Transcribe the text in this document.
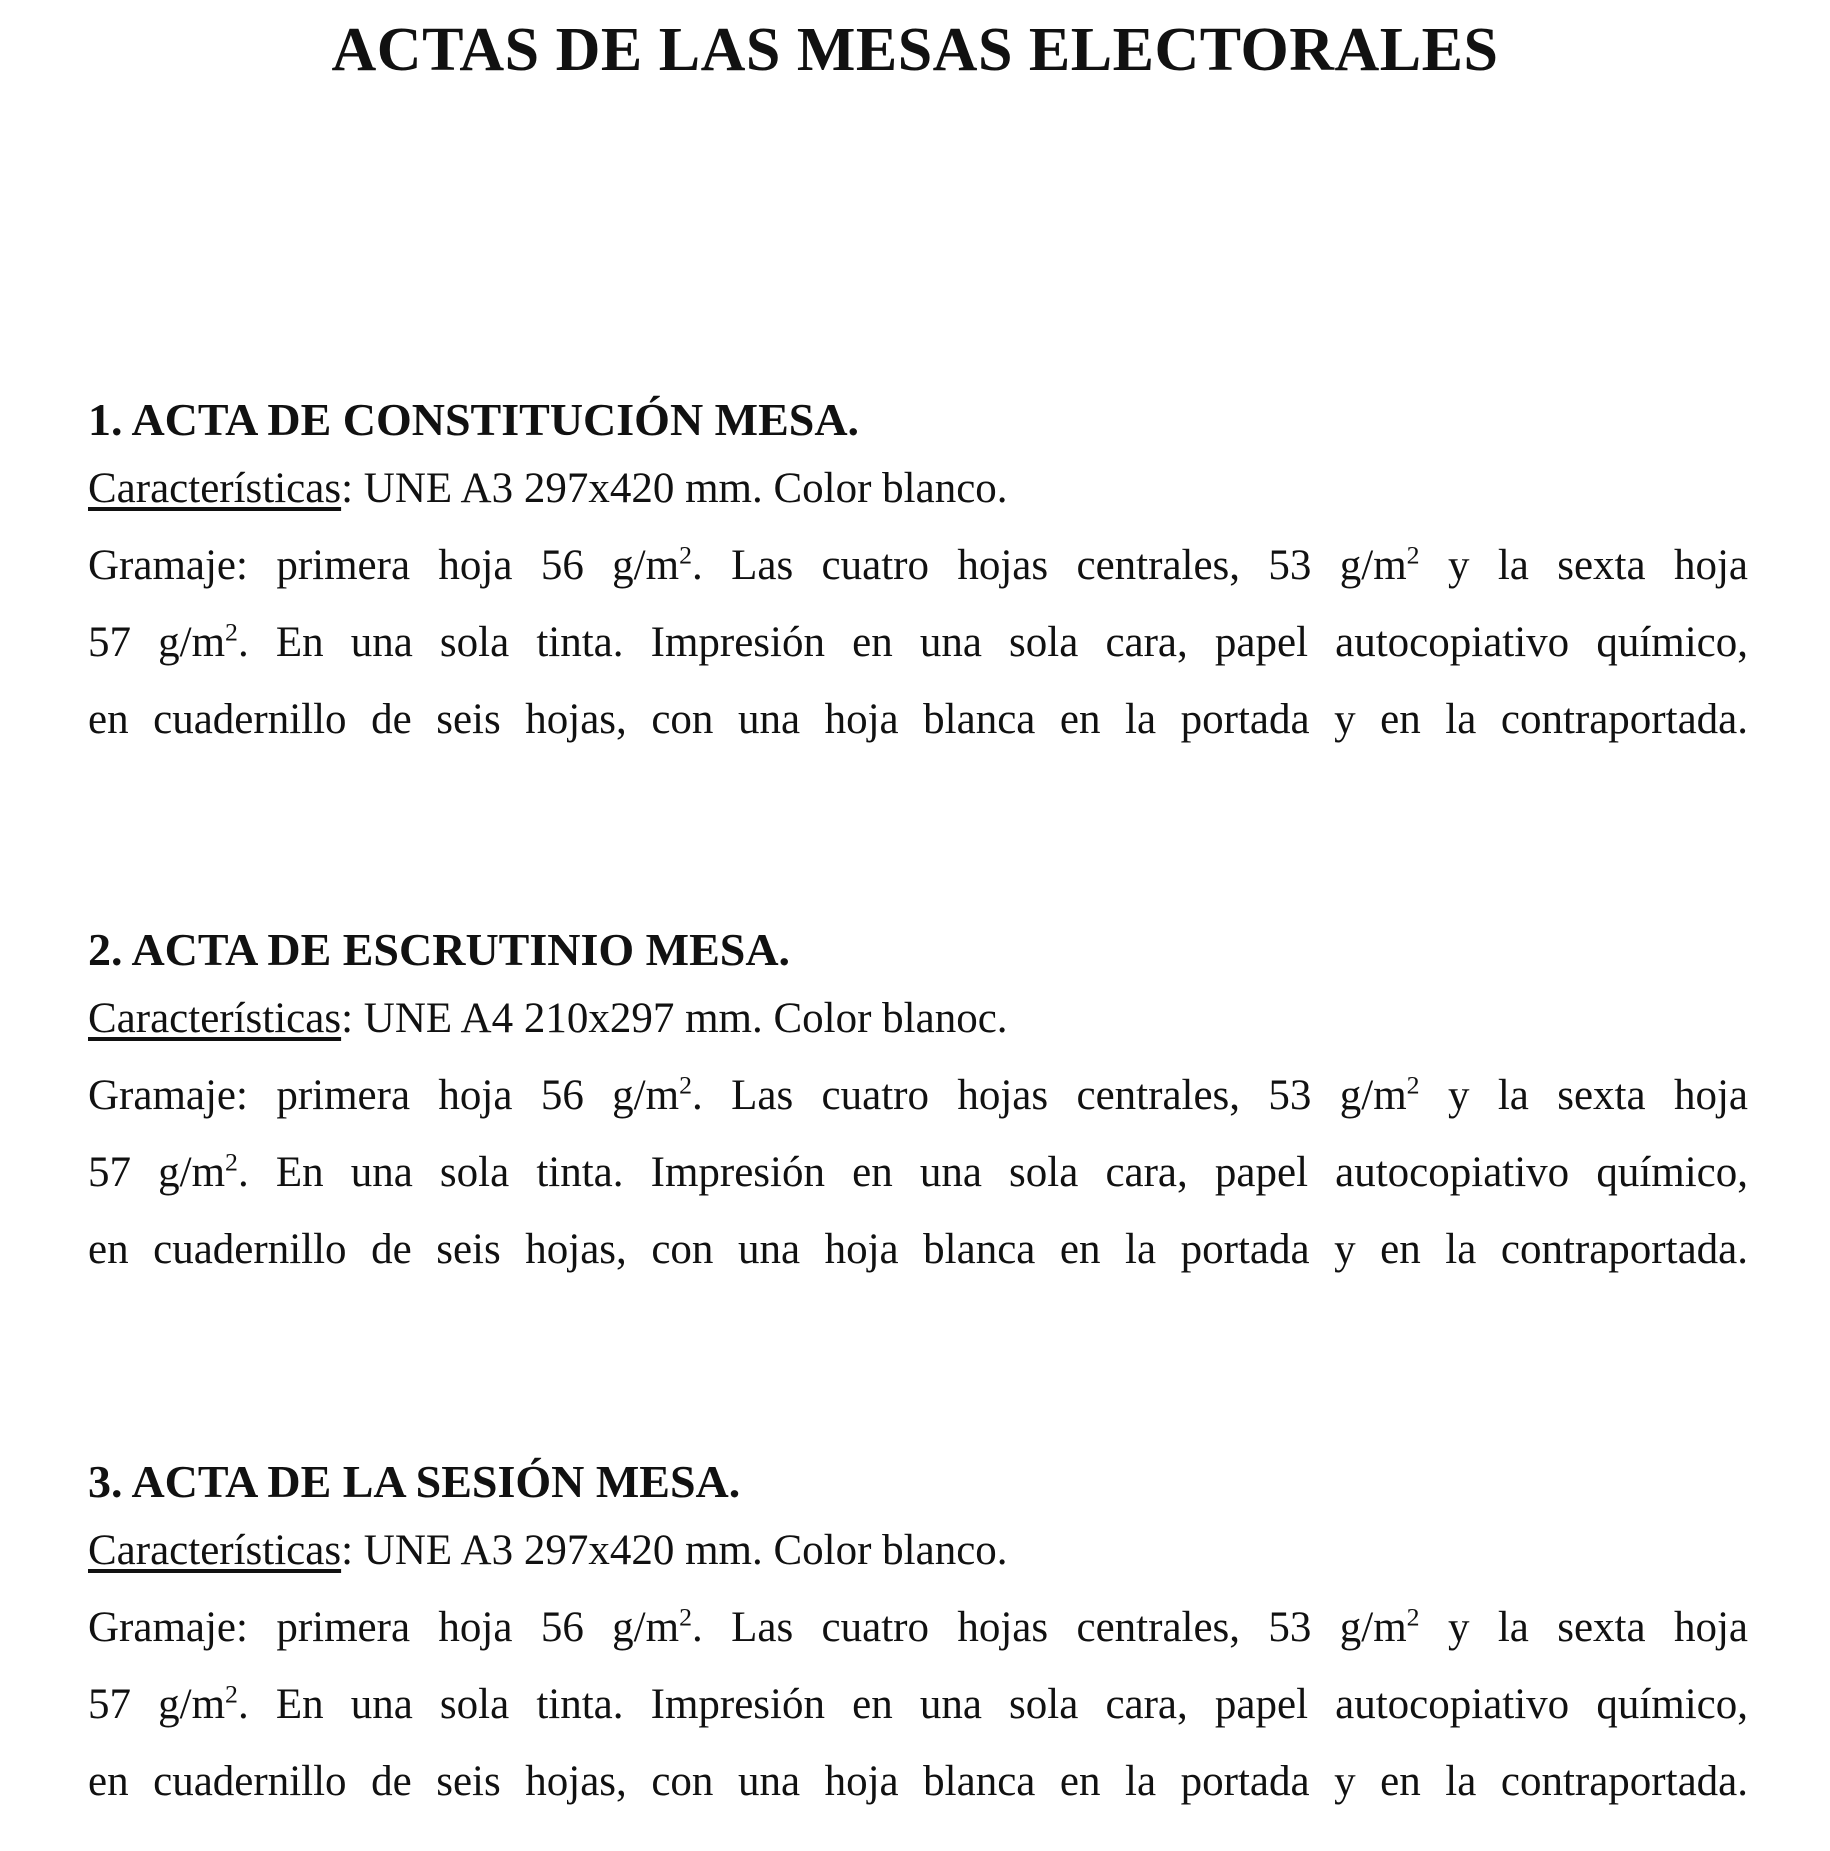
ACTAS DE LAS MESAS ELECTORALES

1. ACTA DE CONSTITUCIÓN MESA.

Características: UNE A3 297x420 mm. Color blanco.

Gramaje: primera hoja 56 $g/m^2$. Las cuatro hojas centrales, 53 $g/m^2$ y la sexta hoja

57 $g/m^2$. En una sola tinta. Impresión en una sola cara, papel autocopiativo químico,

en cuadernillo de seis hojas, con una hoja blanca en la portada y en la contraportada.

2. ACTA DE ESCRUTINIO MESA.

Características: UNE A4 210x297 mm. Color blanoc.

Gramaje: primera hoja 56 $g/m^2$. Las cuatro hojas centrales, 53 $g/m^2$ y la sexta hoja

57 $g/m^2$. En una sola tinta. Impresión en una sola cara, papel autocopiativo químico,

en cuadernillo de seis hojas, con una hoja blanca en la portada y en la contraportada.

3. ACTA DE LA SESIÓN MESA.

Características: UNE A3 297x420 mm. Color blanco.

Gramaje: primera hoja 56 $g/m^2$. Las cuatro hojas centrales, 53 $g/m^2$ y la sexta hoja

57 $g/m^2$. En una sola tinta. Impresión en una sola cara, papel autocopiativo químico,

en cuadernillo de seis hojas, con una hoja blanca en la portada y en la contraportada.
